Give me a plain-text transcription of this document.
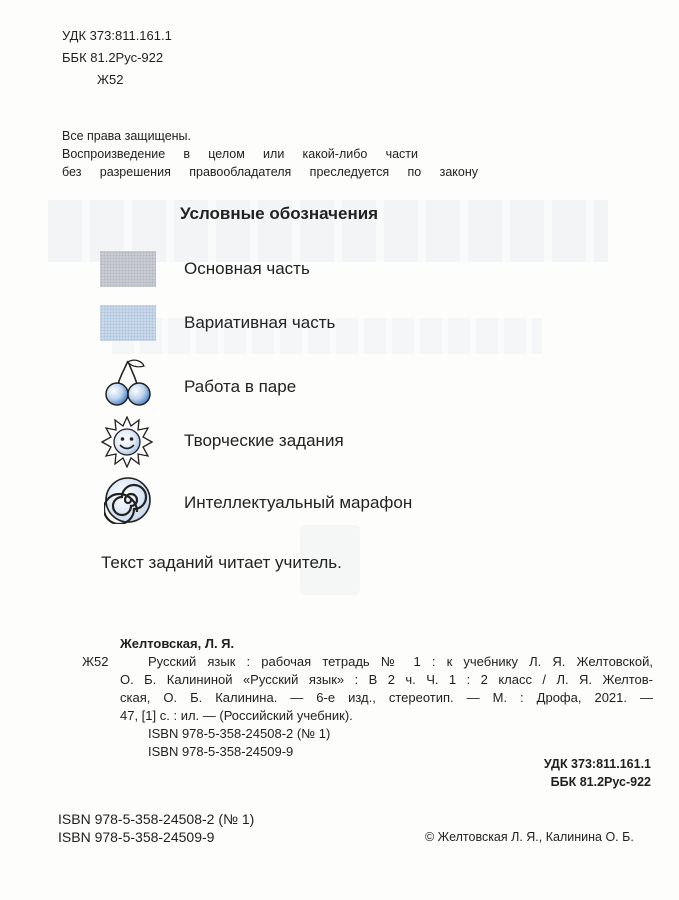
УДК 373:811.161.1
ББК 81.2Рус-922
Ж52
Все права защищены.
Воспроизведение в целом или какой-либо части
без разрешения правообладателя преследуется по закону
Условные обозначения
Основная часть
Вариативная часть
Работа в паре
Творческие задания
Интеллектуальный марафон
Текст заданий читает учитель.
Желтовская, Л. Я.
Ж52	Русский язык : рабочая тетрадь № 1 : к учебнику Л. Я. Желтовской,
О. Б. Калининой «Русский язык» : В 2 ч. Ч. 1 : 2 класс / Л. Я. Желтов-
ская, О. Б. Калинина. — 6-е изд., стереотип. — М. : Дрофа, 2021. —
47, [1] с. : ил. — (Российский учебник).
ISBN 978-5-358-24508-2 (№ 1)
ISBN 978-5-358-24509-9
УДК 373:811.161.1
ББК 81.2Рус-922
ISBN 978-5-358-24508-2 (№ 1)
ISBN 978-5-358-24509-9	© Желтовская Л. Я., Калинина О. Б.
